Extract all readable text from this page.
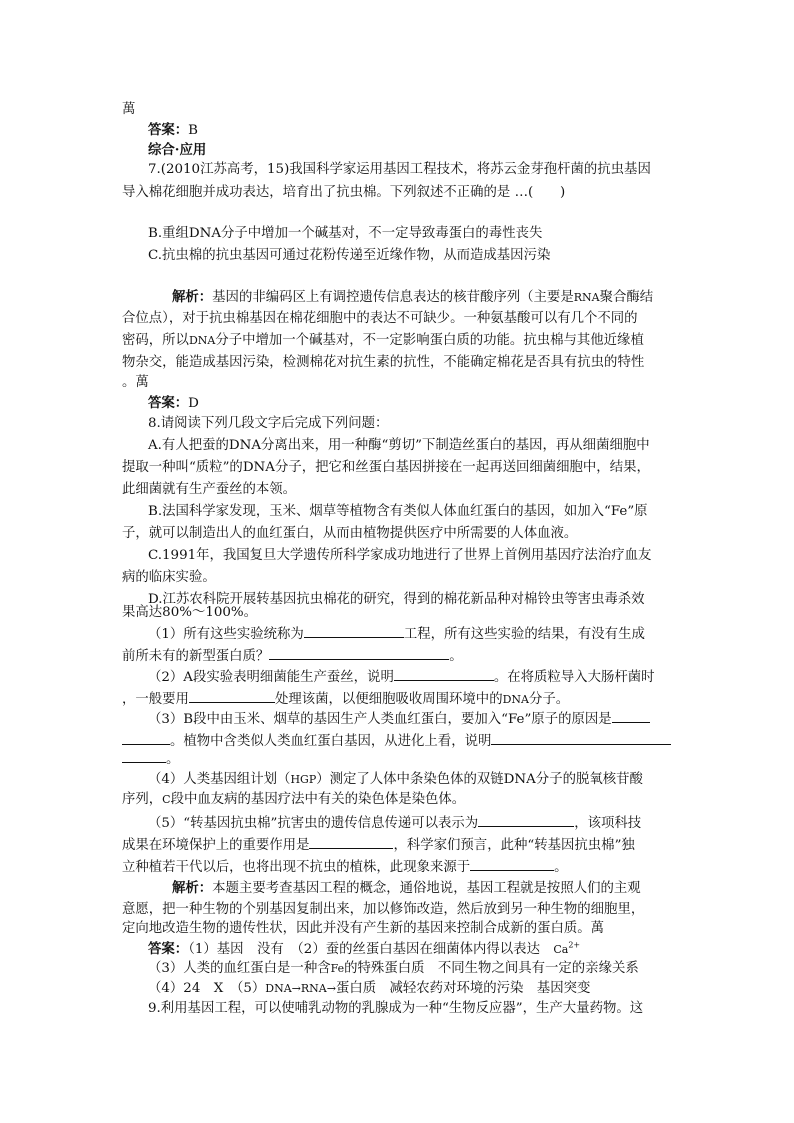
萬
答案：B
综合·应用
7.(2010江苏高考，15)我国科学家运用基因工程技术，将苏云金芽孢杆菌的抗虫基因
导入棉花细胞并成功表达，培育出了抗虫棉。下列叙述不正确的是 …(　　)
B.重组DNA分子中增加一个碱基对，不一定导致毒蛋白的毒性丧失
C.抗虫棉的抗虫基因可通过花粉传递至近缘作物，从而造成基因污染
解析：基因的非编码区上有调控遗传信息表达的核苷酸序列（主要是RNA聚合酶结
合位点），对于抗虫棉基因在棉花细胞中的表达不可缺少。一种氨基酸可以有几个不同的
密码，所以DNA分子中增加一个碱基对，不一定影响蛋白质的功能。抗虫棉与其他近缘植
物杂交，能造成基因污染，检测棉花对抗生素的抗性，不能确定棉花是否具有抗虫的特性
。萬
答案：D
8.请阅读下列几段文字后完成下列问题：
A.有人把蚕的DNA分离出来，用一种酶“剪切”下制造丝蛋白的基因，再从细菌细胞中
提取一种叫“质粒”的DNA分子，把它和丝蛋白基因拼接在一起再送回细菌细胞中，结果，
此细菌就有生产蚕丝的本领。
B.法国科学家发现，玉米、烟草等植物含有类似人体血红蛋白的基因，如加入“Fe”原
子，就可以制造出人的血红蛋白，从而由植物提供医疗中所需要的人体血液。
C.1991年，我国复旦大学遗传所科学家成功地进行了世界上首例用基因疗法治疗血友
病的临床实验。
D.江苏农科院开展转基因抗虫棉花的研究，得到的棉花新品种对棉铃虫等害虫毒杀效
果高达80%～100%。
（1）所有这些实验统称为	工程，所有这些实验的结果，有没有生成
前所未有的新型蛋白质？	。
（2）A段实验表明细菌能生产蚕丝，说明	。在将质粒导入大肠杆菌时
，一般要用	处理该菌，以便细胞吸收周围环境中的DNA分子。
（3）B段中由玉米、烟草的基因生产人类血红蛋白，要加入“Fe”原子的原因是
。植物中含类似人类血红蛋白基因，从进化上看，说明
。
（4）人类基因组计划（HGP）测定了人体中条染色体的双链DNA分子的脱氧核苷酸
序列，C段中血友病的基因疗法中有关的染色体是染色体。
（5）“转基因抗虫棉”抗害虫的遗传信息传递可以表示为	，该项科技
成果在环境保护上的重要作用是	，科学家们预言，此种“转基因抗虫棉”独
立种植若干代以后，也将出现不抗虫的植株，此现象来源于	。
解析：本题主要考查基因工程的概念，通俗地说，基因工程就是按照人们的主观
意愿，把一种生物的个别基因复制出来，加以修饰改造，然后放到另一种生物的细胞里，
定向地改造生物的遗传性状，因此并没有产生新的基因来控制合成新的蛋白质。萬
答案：（1）基因　没有　（2）蚕的丝蛋白基因在细菌体内得以表达　$Ca^{2+}$
（3）人类的血红蛋白是一种含Fe的特殊蛋白质　不同生物之间具有一定的亲缘关系
（4）24　X　（5）DNA→RNA→蛋白质　减轻农药对环境的污染　基因突变
9.利用基因工程，可以使哺乳动物的乳腺成为一种“生物反应器”，生产大量药物。这
